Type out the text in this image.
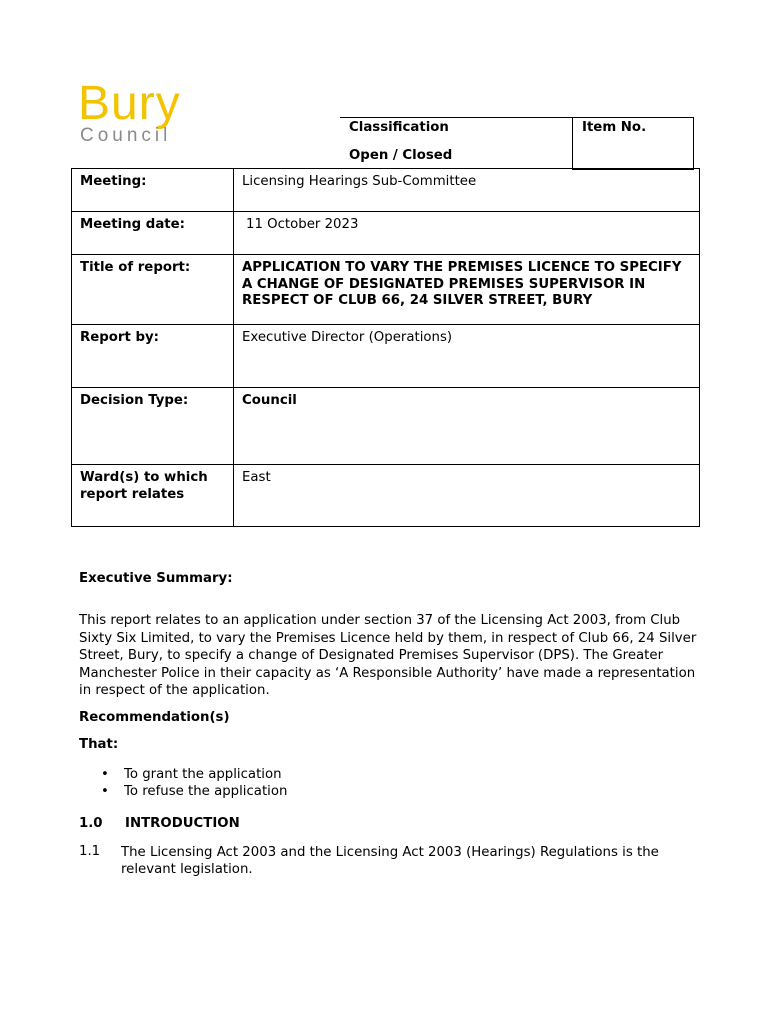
Bury
Council	Classification
Open / Closed

Item No.
Meeting:	Licensing Hearings Sub-Committee
Meeting date:	11 October 2023
Title of report:	APPLICATION TO VARY THE PREMISES LICENCE TO SPECIFY A CHANGE OF DESIGNATED PREMISES SUPERVISOR IN RESPECT OF CLUB 66, 24 SILVER STREET, BURY
Report by:	Executive Director (Operations)
Decision Type:	Council
Ward(s) to which report relates	East
Executive Summary:
This report relates to an application under section 37 of the Licensing Act 2003, from Club Sixty Six Limited, to vary the Premises Licence held by them, in respect of Club 66, 24 Silver Street, Bury, to specify a change of Designated Premises Supervisor (DPS). The Greater Manchester Police in their capacity as ‘A Responsible Authority’ have made a representation in respect of the application.
Recommendation(s)
That:
• To grant the application
• To refuse the application
1.0 INTRODUCTION
1.1 The Licensing Act 2003 and the Licensing Act 2003 (Hearings) Regulations is the relevant legislation.
